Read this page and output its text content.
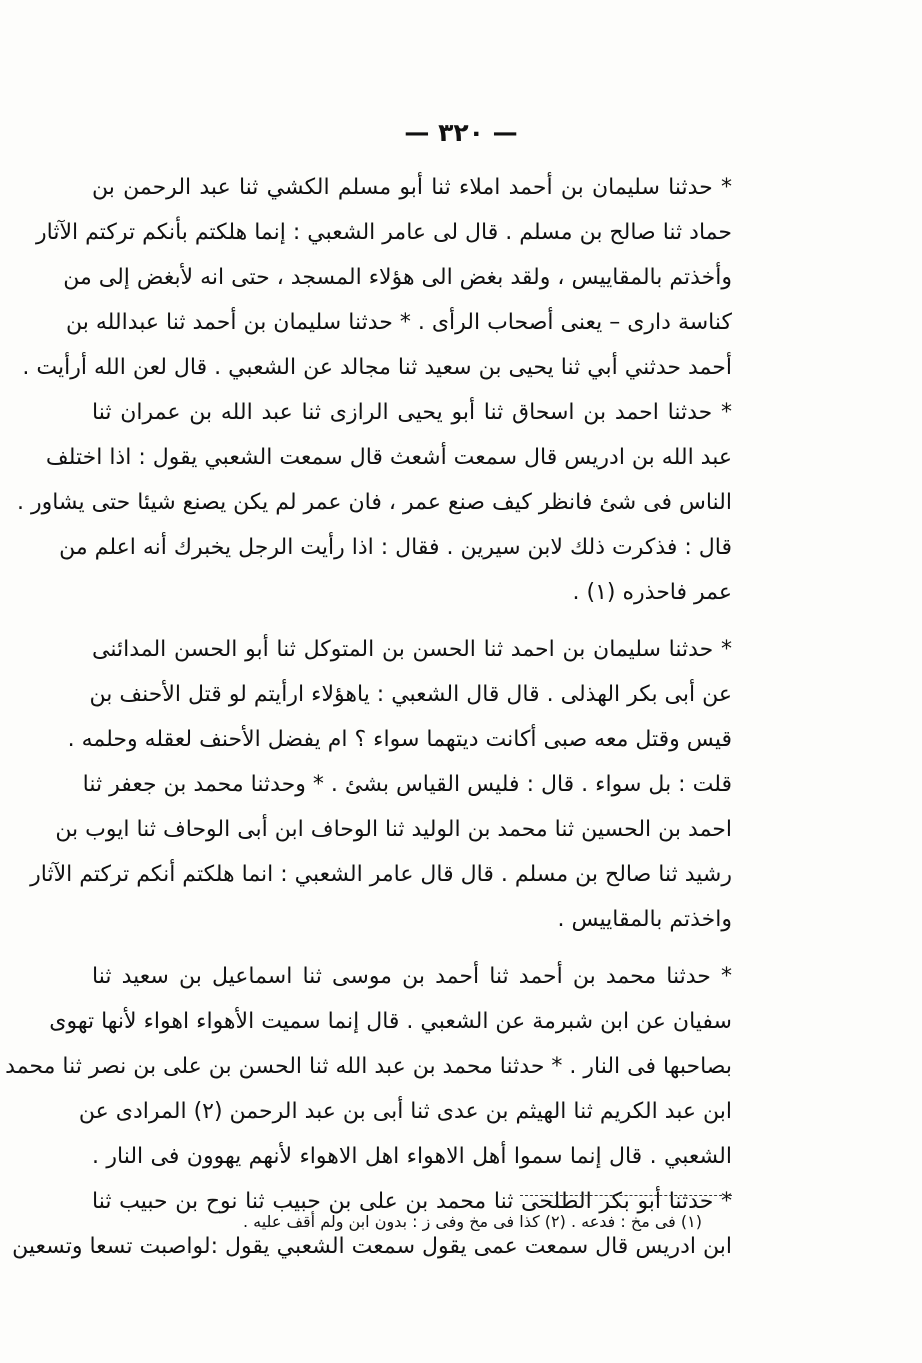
— ٣٢٠ —
* حدثنا سليمان بن أحمد املاء ثنا أبو مسلم الكشي ثنا عبد الرحمن بن
حماد ثنا صالح بن مسلم . قال لى عامر الشعبي : إنما هلكتم بأنكم تركتم الآثار
وأخذتم بالمقاييس ، ولقد بغض الى هؤلاء المسجد ، حتى انه لأبغض إلى من
كناسة دارى – يعنى أصحاب الرأى . * حدثنا سليمان بن أحمد ثنا عبدالله بن
أحمد حدثني أبي ثنا يحيى بن سعيد ثنا مجالد عن الشعبي . قال لعن الله أرأيت .
* حدثنا احمد بن اسحاق ثنا أبو يحيى الرازى ثنا عبد الله بن عمران ثنا
عبد الله بن ادريس قال سمعت أشعث قال سمعت الشعبي يقول : اذا اختلف
الناس فى شئ فانظر كيف صنع عمر ، فان عمر لم يكن يصنع شيئا حتى يشاور .
قال : فذكرت ذلك لابن سيرين . فقال : اذا رأيت الرجل يخبرك أنه اعلم من
عمر فاحذره (١) .
* حدثنا سليمان بن احمد ثنا الحسن بن المتوكل ثنا أبو الحسن المدائنى
عن أبى بكر الهذلى . قال قال الشعبي : ياهؤلاء ارأيتم لو قتل الأحنف بن
قيس وقتل معه صبى أكانت ديتهما سواء ؟ ام يفضل الأحنف لعقله وحلمه .
قلت : بل سواء . قال : فليس القياس بشئ . * وحدثنا محمد بن جعفر ثنا
احمد بن الحسين ثنا محمد بن الوليد ثنا الوحاف ابن أبى الوحاف ثنا ايوب بن
رشيد ثنا صالح بن مسلم . قال قال عامر الشعبي : انما هلكتم أنكم تركتم الآثار
واخذتم بالمقاييس .
* حدثنا محمد بن أحمد ثنا أحمد بن موسى ثنا اسماعيل بن سعيد ثنا
سفيان عن ابن شبرمة عن الشعبي . قال إنما سميت الأهواء اهواء لأنها تهوى
بصاحبها فى النار . * حدثنا محمد بن عبد الله ثنا الحسن بن على بن نصر ثنا محمد
ابن عبد الكريم ثنا الهيثم بن عدى ثنا أبى بن عبد الرحمن (٢) المرادى عن
الشعبي . قال إنما سموا أهل الاهواء اهل الاهواء لأنهم يهوون فى النار .
* حدثنا أبو بكر الطلحى ثنا محمد بن على بن حبيب ثنا نوح بن حبيب ثنا
ابن ادريس قال سمعت عمى يقول سمعت الشعبي يقول :لواصبت تسعا وتسعين
(١) فى مخ : فدعه . (٢) كذا فى مخ وفى ز : بدون ابن ولم أقف عليه .
